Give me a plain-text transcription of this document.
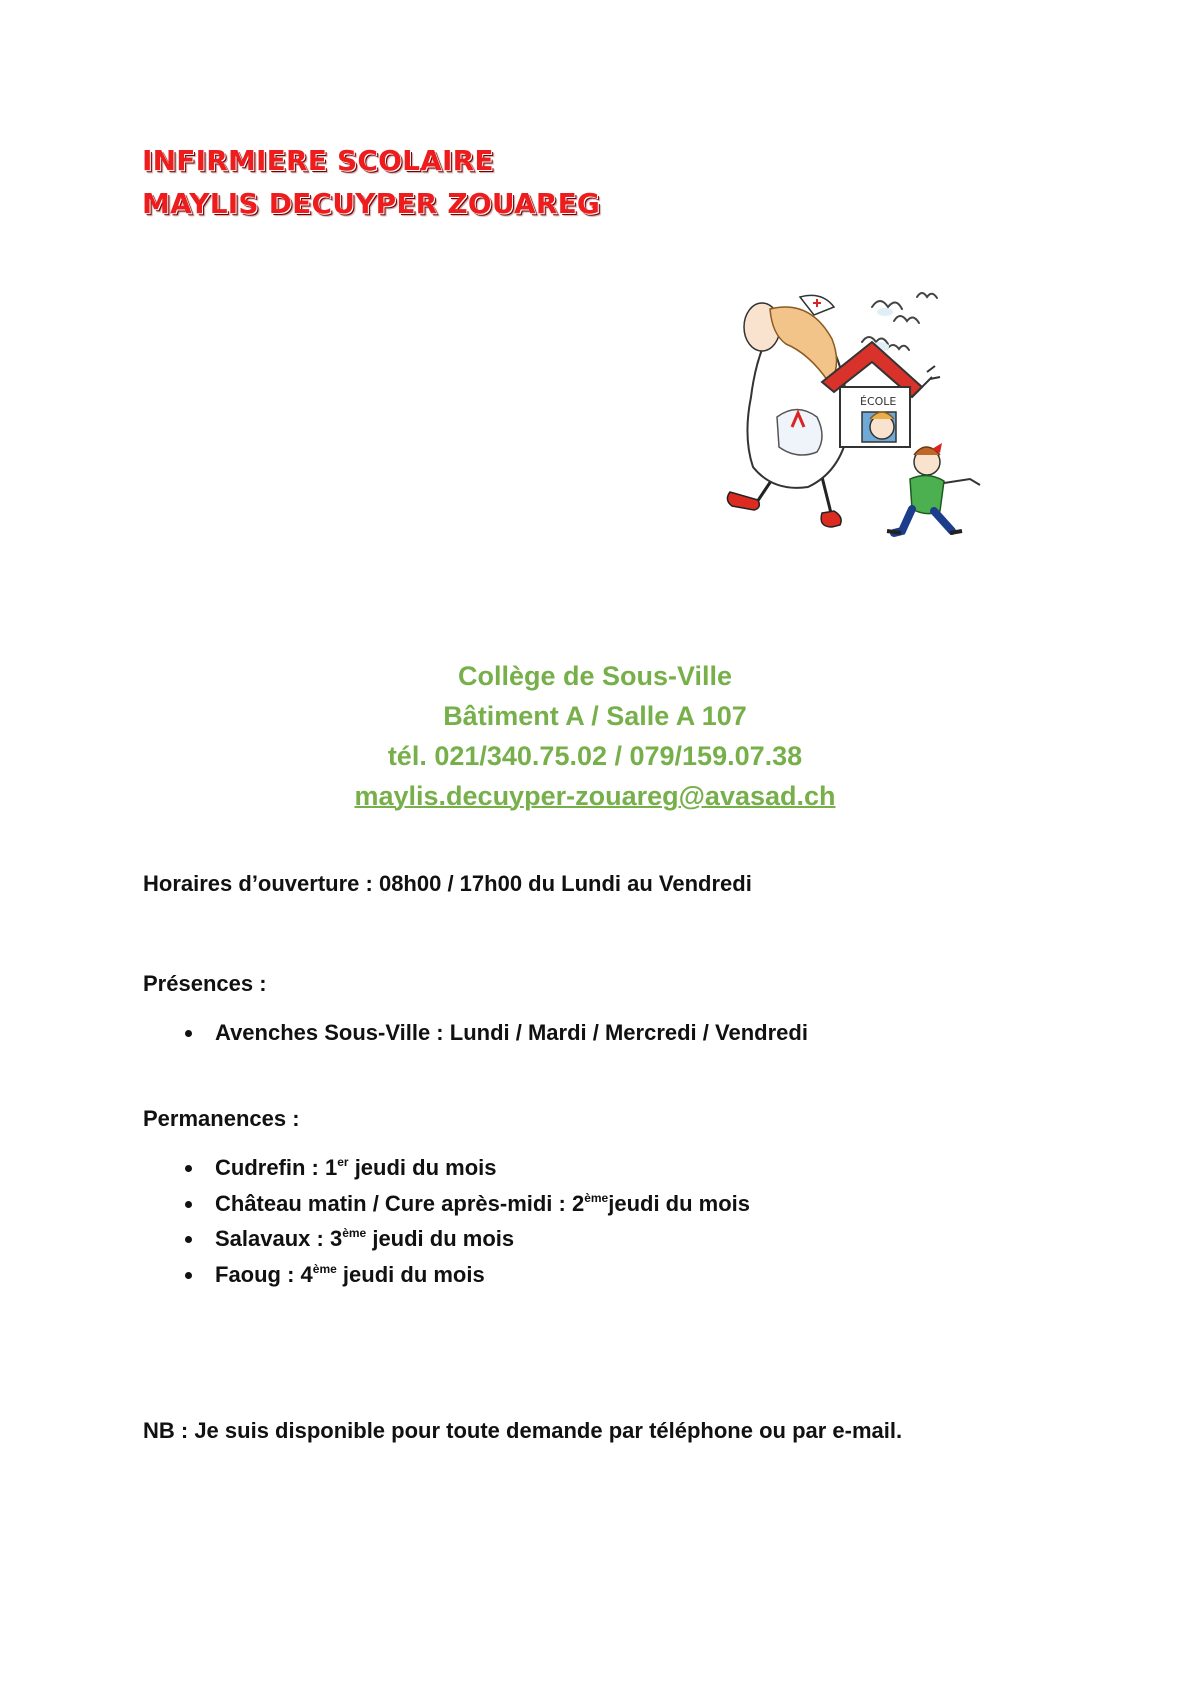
INFIRMIERE SCOLAIRE
MAYLIS DECUYPER ZOUAREG
ÉCOLE
Collège de Sous-Ville
Bâtiment A / Salle A 107
tél. 021/340.75.02 / 079/159.07.38
maylis.decuyper-zouareg@avasad.ch
Horaires d’ouverture : 08h00 / 17h00 du Lundi au Vendredi
Présences :
Avenches Sous-Ville : Lundi / Mardi / Mercredi / Vendredi
Permanences :
Cudrefin : 1er jeudi du mois
Château matin / Cure après-midi : 2èmejeudi du mois
Salavaux : 3ème jeudi du mois
Faoug : 4ème jeudi du mois
NB : Je suis disponible pour toute demande par téléphone ou par e-mail.
